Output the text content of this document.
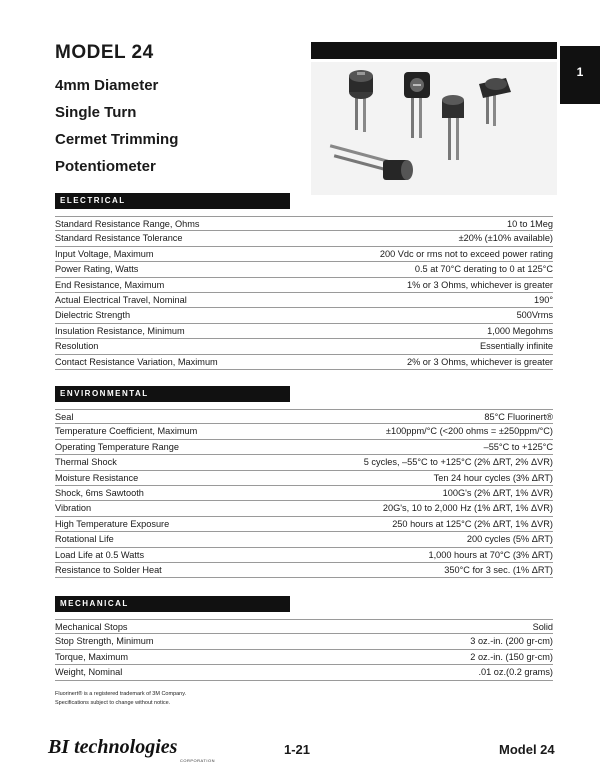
MODEL 24
4mm Diameter
Single Turn
Cermet Trimming
Potentiometer
1
ELECTRICAL
Standard Resistance Range, Ohms	10 to 1Meg
Standard Resistance Tolerance	±20% (±10% available)
Input Voltage, Maximum	200 Vdc or rms not to exceed power rating
Power Rating, Watts	0.5 at 70°C derating to 0 at 125°C
End Resistance, Maximum	1% or 3 Ohms, whichever is greater
Actual Electrical Travel, Nominal	190°
Dielectric Strength	500Vrms
Insulation Resistance, Minimum	1,000 Megohms
Resolution	Essentially infinite
Contact Resistance Variation, Maximum	2% or 3 Ohms, whichever is greater
ENVIRONMENTAL
Seal	85°C Fluorinert®
Temperature Coefficient, Maximum	±100ppm/°C (<200 ohms = ±250ppm/°C)
Operating Temperature Range	–55°C to +125°C
Thermal Shock	5 cycles, –55°C to +125°C (2% ΔRT, 2% ΔVR)
Moisture Resistance	Ten 24 hour cycles (3% ΔRT)
Shock, 6ms Sawtooth	100G's (2% ΔRT, 1% ΔVR)
Vibration	20G's, 10 to 2,000 Hz (1% ΔRT, 1% ΔVR)
High Temperature Exposure	250 hours at 125°C (2% ΔRT, 1% ΔVR)
Rotational Life	200 cycles (5% ΔRT)
Load Life at 0.5 Watts	1,000 hours at 70°C (3% ΔRT)
Resistance to Solder Heat	350°C for 3 sec. (1% ΔRT)
MECHANICAL
Mechanical Stops	Solid
Stop Strength, Minimum	3 oz.-in. (200 gr-cm)
Torque, Maximum	2 oz.-in. (150 gr-cm)
Weight, Nominal	.01 oz.(0.2 grams)
Fluorinert® is a registered trademark of 3M Company.
Specifications subject to change without notice.
BI technologies
CORPORATION
1-21	Model 24
